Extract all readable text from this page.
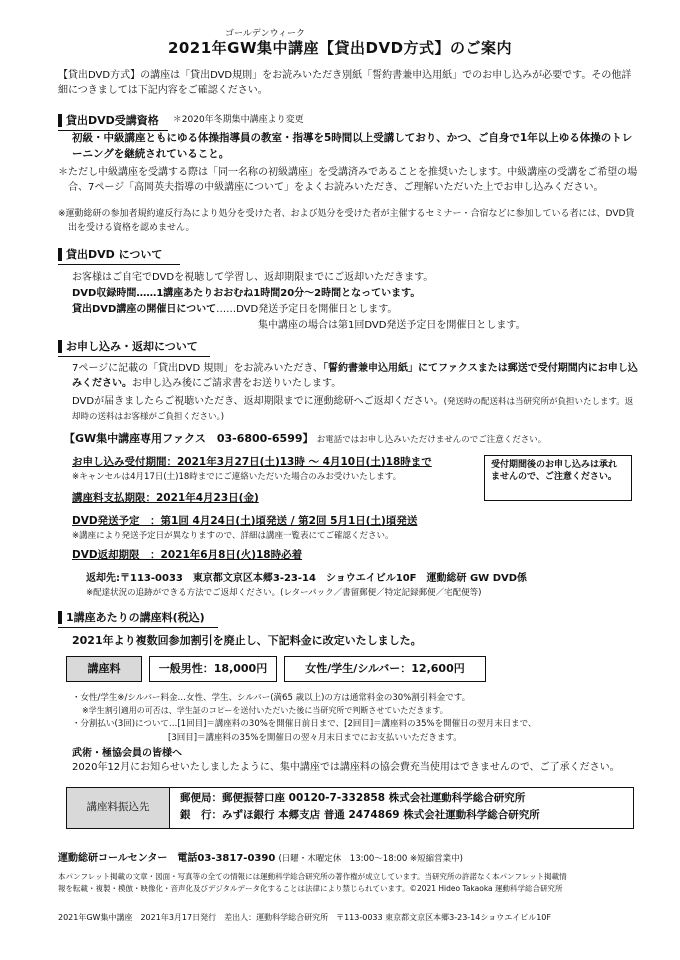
ゴールデンウィーク
2021年GW集中講座【貸出DVD方式】のご案内
【貸出DVD方式】の講座は「貸出DVD規則」をお読みいただき別紙「誓約書兼申込用紙」でのお申し込みが必要です。その他詳細につきましては下記内容をご確認ください。
貸出DVD受講資格 ＊2020年冬期集中講座より変更
初級・中級講座ともにゆる体操指導員の教室・指導を5時間以上受講しており、かつ、ご自身で1年以上ゆる体操のトレーニングを継続されていること。
＊ただし中級講座を受講する際は「同一名称の初級講座」を受講済みであることを推奨いたします。中級講座の受講をご希望の場合、7ページ「高岡英夫指導の中級講座について」をよくお読みいただき、ご理解いただいた上でお申し込みください。
※運動総研の参加者規約違反行為により処分を受けた者、および処分を受けた者が主催するセミナー・合宿などに参加している者には、DVD貸出を受ける資格を認めません。
貸出DVD について
お客様はご自宅でDVDを視聴して学習し、返却期限までにご返却いただきます。
DVD収録時間……1講座あたりおおむね1時間20分～2時間となっています。
貸出DVD講座の開催日について……DVD発送予定日を開催日とします。
集中講座の場合は第1回DVD発送予定日を開催日とします。
お申し込み・返却について
7ページに記載の「貸出DVD 規則」をお読みいただき、「誓約書兼申込用紙」にてファクスまたは郵送で受付期間内にお申し込みください。お申し込み後にご請求書をお送りいたします。
DVDが届きましたらご視聴いただき、返却期限までに運動総研へご返却ください。(発送時の配送料は当研究所が負担いたします。返却時の送料はお客様がご負担ください。)
【GW集中講座専用ファクス　03-6800-6599】 お電話ではお申し込みいただけませんのでご注意ください。
お申し込み受付期間：2021年3月27日(土)13時 ～ 4月10日(土)18時まで
※キャンセルは4月17日(土)18時までにご連絡いただいた場合のみお受けいたします。
受付期間後のお申し込みは承れませんので、ご注意ください。
講座料支払期限：2021年4月23日(金)
DVD発送予定　：第1回 4月24日(土)頃発送 / 第2回 5月1日(土)頃発送
※講座により発送予定日が異なりますので、詳細は講座一覧表にてご確認ください。
DVD返却期限　：2021年6月8日(火)18時必着
返却先:〒113-0033　東京都文京区本郷3-23-14　ショウエイビル10F　運動総研 GW DVD係
※配達状況の追跡ができる方法でご返却ください。(レターパック／書留郵便／特定記録郵便／宅配便等)
1講座あたりの講座料(税込)
2021年より複数回参加割引を廃止し、下記料金に改定いたしました。
講座料	一般男性：18,000円	女性/学生/シルバー：12,600円
・女性/学生※/シルバー料金…女性、学生、シルバー(満65 歳以上)の方は通常料金の30%割引料金です。
※学生割引適用の可否は、学生証のコピーを送付いただいた後に当研究所で判断させていただきます。
・分割払い(3回)について…[1回目]＝講座料の30%を開催日前日まで、[2回目]＝講座料の35%を開催日の翌月末日まで、
[3回目]＝講座料の35%を開催日の翌々月末日までにお支払いいただきます。
武術・極協会員の皆様へ
2020年12月にお知らせいたしましたように、集中講座では講座料の協会費充当使用はできませんので、ご了承ください。
講座料振込先
郵便局：郵便振替口座 00120-7-332858 株式会社運動科学総合研究所
銀　行：みずほ銀行 本郷支店 普通 2474869 株式会社運動科学総合研究所
運動総研コールセンター　電話03-3817-0390 (日曜・木曜定休　13:00～18:00 ※短縮営業中)
本パンフレット掲載の文章・図面・写真等の全ての情報には運動科学総合研究所の著作権が成立しています。当研究所の許諾なく本パンフレット掲載情
報を転載・複製・模倣・映像化・音声化及びデジタルデータ化することは法律により禁じられています。©2021 Hideo Takaoka 運動科学総合研究所
2021年GW集中講座　2021年3月17日発行　差出人：運動科学総合研究所　〒113-0033 東京都文京区本郷3-23-14ショウエイビル10F
